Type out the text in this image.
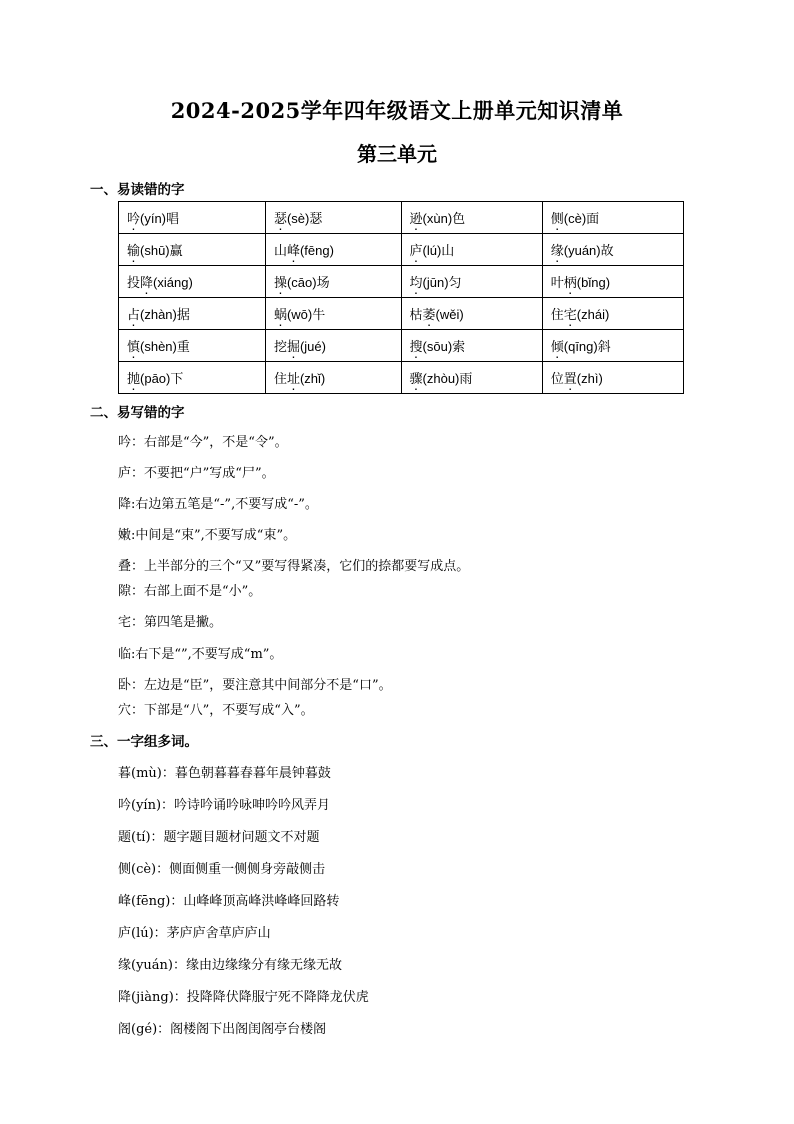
2024-2025学年四年级语文上册单元知识清单
第三单元
一、易读错的字
吟(yín)唱	瑟(sè)瑟	逊(xùn)色	侧(cè)面
输(shū)赢	山峰(fēng)	庐(lú)山	缘(yuán)故
投降(xiáng)	操(cāo)场	均(jūn)匀	叶柄(bǐng)
占(zhàn)据	蜗(wō)牛	枯萎(wěi)	住宅(zhái)
慎(shèn)重	挖掘(jué)	搜(sōu)索	倾(qīng)斜
抛(pāo)下	住址(zhǐ)	骤(zhòu)雨	位置(zhì)
二、易写错的字
吟：右部是“今”，不是“令”。
庐：不要把“户”写成“尸”。
降:右边第五笔是“-”,不要写成“-”。
嫩:中间是“束”,不要写成“束”。
叠：上半部分的三个“又”要写得紧凑，它们的捺都要写成点。
隙：右部上面不是“小”。
宅：第四笔是撇。
临:右下是“”,不要写成“m”。
卧：左边是“臣”，要注意其中间部分不是“口”。
穴：下部是“八”，不要写成“入”。
三、一字组多词。
暮(mù)：暮色朝暮暮春暮年晨钟暮鼓
吟(yín)：吟诗吟诵吟咏呻吟吟风弄月
题(tí)：题字题目题材问题文不对题
侧(cè)：侧面侧重一侧侧身旁敲侧击
峰(fēng)：山峰峰顶高峰洪峰峰回路转
庐(lú)：茅庐庐舍草庐庐山
缘(yuán)：缘由边缘缘分有缘无缘无故
降(jiàng)：投降降伏降服宁死不降降龙伏虎
阁(gé)：阁楼阁下出阁闺阁亭台楼阁
